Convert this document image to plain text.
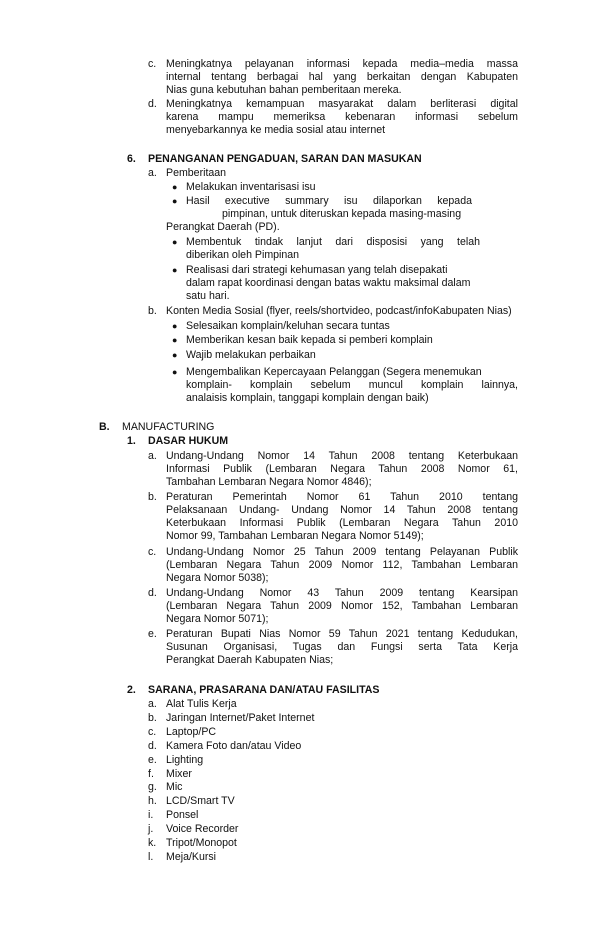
c. Meningkatnya pelayanan informasi kepada media–media massa
internal tentang berbagai hal yang berkaitan dengan Kabupaten
Nias guna kebutuhan bahan pemberitaan mereka.
d. Meningkatnya kemampuan masyarakat dalam berliterasi digital
karena mampu memeriksa kebenaran informasi sebelum
menyebarkannya ke media sosial atau internet
6. PENANGANAN PENGADUAN, SARAN DAN MASUKAN
a. Pemberitaan
● Melakukan inventarisasi isu
● Hasil executive summary isu dilaporkan kepada
pimpinan, untuk diteruskan kepada masing-masing
Perangkat Daerah (PD).
● Membentuk tindak lanjut dari disposisi yang telah
diberikan oleh Pimpinan
● Realisasi dari strategi kehumasan yang telah disepakati
dalam rapat koordinasi dengan batas waktu maksimal dalam
satu hari.
b. Konten Media Sosial (flyer, reels/shortvideo, podcast/infoKabupaten Nias)
● Selesaikan komplain/keluhan secara tuntas
● Memberikan kesan baik kepada si pemberi komplain
● Wajib melakukan perbaikan
● Mengembalikan Kepercayaan Pelanggan (Segera menemukan
komplain- komplain sebelum muncul komplain lainnya,
analaisis komplain, tanggapi komplain dengan baik)
B. MANUFACTURING
1. DASAR HUKUM
a. Undang-Undang Nomor 14 Tahun 2008 tentang Keterbukaan
Informasi Publik (Lembaran Negara Tahun 2008 Nomor 61,
Tambahan Lembaran Negara Nomor 4846);
b. Peraturan Pemerintah Nomor 61 Tahun 2010 tentang
Pelaksanaan Undang- Undang Nomor 14 Tahun 2008 tentang
Keterbukaan Informasi Publik (Lembaran Negara Tahun 2010
Nomor 99, Tambahan Lembaran Negara Nomor 5149);
c. Undang-Undang Nomor 25 Tahun 2009 tentang Pelayanan Publik
(Lembaran Negara Tahun 2009 Nomor 112, Tambahan Lembaran
Negara Nomor 5038);
d. Undang-Undang Nomor 43 Tahun 2009 tentang Kearsipan
(Lembaran Negara Tahun 2009 Nomor 152, Tambahan Lembaran
Negara Nomor 5071);
e. Peraturan Bupati Nias Nomor 59 Tahun 2021 tentang Kedudukan,
Susunan Organisasi, Tugas dan Fungsi serta Tata Kerja
Perangkat Daerah Kabupaten Nias;
2. SARANA, PRASARANA DAN/ATAU FASILITAS
a. Alat Tulis Kerja
b. Jaringan Internet/Paket Internet
c. Laptop/PC
d. Kamera Foto dan/atau Video
e. Lighting
f. Mixer
g. Mic
h. LCD/Smart TV
i. Ponsel
j. Voice Recorder
k. Tripot/Monopot
l. Meja/Kursi
